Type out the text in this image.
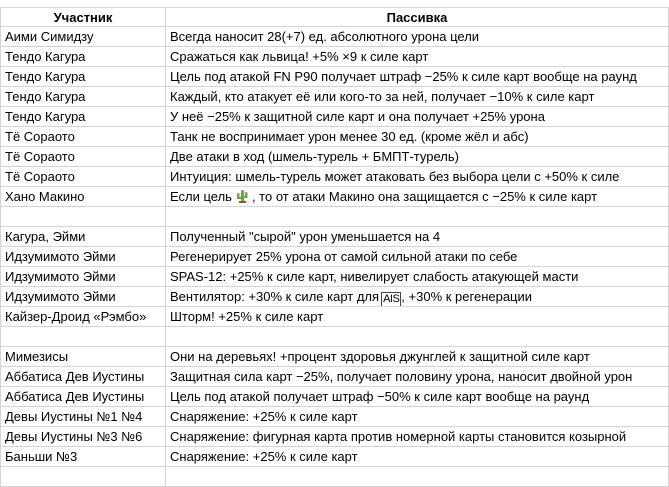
Участник	Пассивка
Аими Симидзу	Всегда наносит 28(+7) ед. абсолютного урона цели
Тендо Кагура	Сражаться как львица! +5% ×9 к силе карт
Тендо Кагура	Цель под атакой FN P90 получает штраф −25% к силе карт вообще на раунд
Тендо Кагура	Каждый, кто атакует её или кого-то за ней, получает −10% к силе карт
Тендо Кагура	У неё −25% к защитной силе карт и она получает +25% урона
Тё Сораото	Танк не воспринимает урон менее 30 ед. (кроме жёл и абс)
Тё Сораото	Две атаки в ход (шмель-турель + БМПТ-турель)
Тё Сораото	Интуиция: шмель-турель может атаковать без выбора цели с +50% к силе
Хано Макино	Если цель , то от атаки Макино она защищается с −25% к силе карт
Кагура, Эйми	Полученный "сырой" урон уменьшается на 4
Идзумимото Эйми	Регенерирует 25% урона от самой сильной атаки по себе
Идзумимото Эйми	SPAS-12: +25% к силе карт, нивелирует слабость атакующей масти
Идзумимото Эйми	Вентилятор: +30% к силе карт для AIS , +30% к регенерации
Кайзер-Дроид «Рэмбо»	Шторм! +25% к силе карт
Мимезисы	Они на деревьях! +процент здоровья джунглей к защитной силе карт
Аббатиса Дев Иустины	Защитная сила карт −25%, получает половину урона, наносит двойной урон
Аббатиса Дев Иустины	Цель под атакой получает штраф −50% к силе карт вообще на раунд
Девы Иустины №1 №4	Снаряжение: +25% к силе карт
Девы Иустины №3 №6	Снаряжение: фигурная карта против номерной карты становится козырной
Баньши №3	Снаряжение: +25% к силе карт
